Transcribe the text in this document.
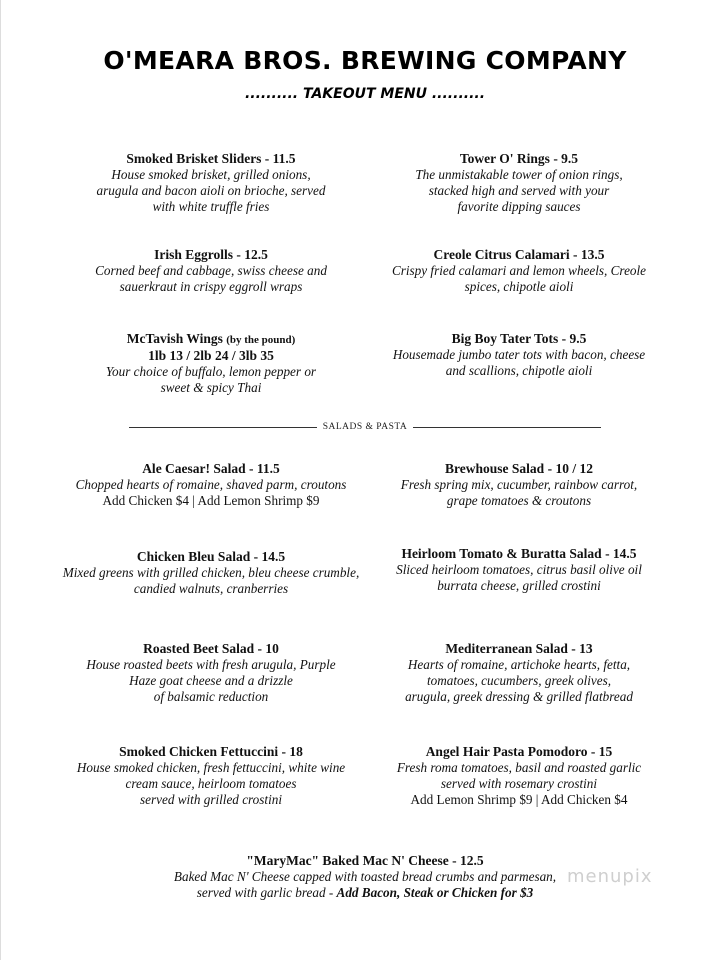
O'MEARA BROS. BREWING COMPANY
.......... TAKEOUT MENU ..........
Smoked Brisket Sliders - 11.5
House smoked brisket, grilled onions,
arugula and bacon aioli on brioche, served
with white truffle fries
Irish Eggrolls - 12.5
Corned beef and cabbage, swiss cheese and
sauerkraut in crispy eggroll wraps
McTavish Wings (by the pound)
1lb 13 / 2lb 24 / 3lb 35
Your choice of buffalo, lemon pepper or
sweet & spicy Thai
Tower O' Rings - 9.5
The unmistakable tower of onion rings,
stacked high and served with your
favorite dipping sauces
Creole Citrus Calamari - 13.5
Crispy fried calamari and lemon wheels, Creole
spices, chipotle aioli
Big Boy Tater Tots - 9.5
Housemade jumbo tater tots with bacon, cheese
and scallions, chipotle aioli
SALADS & PASTA
Ale Caesar! Salad - 11.5
Chopped hearts of romaine, shaved parm, croutons
Add Chicken $4 | Add Lemon Shrimp $9
Chicken Bleu Salad - 14.5
Mixed greens with grilled chicken, bleu cheese crumble,
candied walnuts, cranberries
Roasted Beet Salad - 10
House roasted beets with fresh arugula, Purple
Haze goat cheese and a drizzle
of balsamic reduction
Smoked Chicken Fettuccini - 18
House smoked chicken, fresh fettuccini, white wine
cream sauce, heirloom tomatoes
served with grilled crostini
Brewhouse Salad - 10 / 12
Fresh spring mix, cucumber, rainbow carrot,
grape tomatoes & croutons
Heirloom Tomato & Buratta Salad - 14.5
Sliced heirloom tomatoes, citrus basil olive oil
burrata cheese, grilled crostini
Mediterranean Salad - 13
Hearts of romaine, artichoke hearts, fetta,
tomatoes, cucumbers, greek olives,
arugula, greek dressing & grilled flatbread
Angel Hair Pasta Pomodoro - 15
Fresh roma tomatoes, basil and roasted garlic
served with rosemary crostini
Add Lemon Shrimp $9 | Add Chicken $4
"MaryMac" Baked Mac N' Cheese - 12.5
Baked Mac N' Cheese capped with toasted bread crumbs and parmesan,
served with garlic bread - Add Bacon, Steak or Chicken for $3
menupix
